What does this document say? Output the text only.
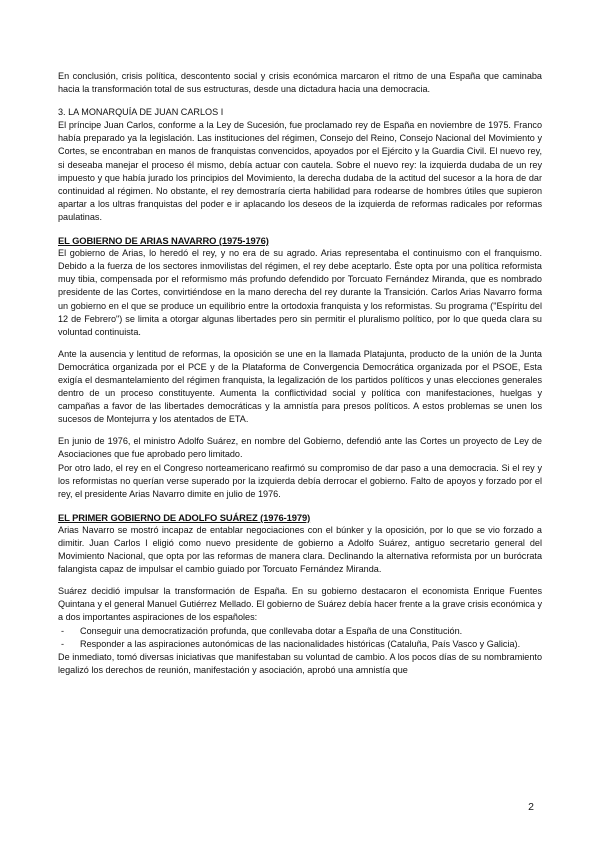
En conclusión, crisis política, descontento social y crisis económica marcaron el ritmo de una España que caminaba hacia la transformación total de sus estructuras, desde una dictadura hacia una democracia.

3. LA MONARQUÍA DE JUAN CARLOS I

El príncipe Juan Carlos, conforme a la Ley de Sucesión, fue proclamado rey de España en noviembre de 1975. Franco había preparado ya la legislación. Las instituciones del régimen, Consejo del Reino, Consejo Nacional del Movimiento y Cortes, se encontraban en manos de franquistas convencidos, apoyados por el Ejército y la Guardia Civil. El nuevo rey, si deseaba manejar el proceso él mismo, debía actuar con cautela. Sobre el nuevo rey: la izquierda dudaba de un rey impuesto y que había jurado los principios del Movimiento, la derecha dudaba de la actitud del sucesor a la hora de dar continuidad al régimen. No obstante, el rey demostraría cierta habilidad para rodearse de hombres útiles que supieron apartar a los ultras franquistas del poder e ir aplacando los deseos de la izquierda de reformas radicales por reformas paulatinas.

EL GOBIERNO DE ARIAS NAVARRO (1975-1976)

El gobierno de Arias, lo heredó el rey, y no era de su agrado. Arias representaba el continuismo con el franquismo. Debido a la fuerza de los sectores inmovilistas del régimen, el rey debe aceptarlo. Éste opta por una política reformista muy tibia, compensada por el reformismo más profundo defendido por Torcuato Fernández Miranda, que es nombrado presidente de las Cortes, convirtiéndose en la mano derecha del rey durante la Transición. Carlos Arias Navarro forma un gobierno en el que se produce un equilibrio entre la ortodoxia franquista y los reformistas. Su programa ("Espíritu del 12 de Febrero") se limita a otorgar algunas libertades pero sin permitir el pluralismo político, por lo que queda clara su voluntad continuista.

Ante la ausencia y lentitud de reformas, la oposición se une en la llamada Platajunta, producto de la unión de la Junta Democrática organizada por el PCE y de la Plataforma de Convergencia Democrática organizada por el PSOE, Esta exigía el desmantelamiento del régimen franquista, la legalización de los partidos políticos y unas elecciones generales dentro de un proceso constituyente. Aumenta la conflictividad social y política con manifestaciones, huelgas y campañas a favor de las libertades democráticas y la amnistía para presos políticos. A estos problemas se unen los sucesos de Montejurra y los atentados de ETA.

En junio de 1976, el ministro Adolfo Suárez, en nombre del Gobierno, defendió ante las Cortes un proyecto de Ley de Asociaciones que fue aprobado pero limitado.

Por otro lado, el rey en el Congreso norteamericano reafirmó su compromiso de dar paso a una democracia. Si el rey y los reformistas no querían verse superado por la izquierda debía derrocar el gobierno. Falto de apoyos y forzado por el rey, el presidente Arias Navarro dimite en julio de 1976.

EL PRIMER GOBIERNO DE ADOLFO SUÁREZ (1976-1979)

Arias Navarro se mostró incapaz de entablar negociaciones con el búnker y la oposición, por lo que se vio forzado a dimitir. Juan Carlos I eligió como nuevo presidente de gobierno a Adolfo Suárez, antiguo secretario general del Movimiento Nacional, que opta por las reformas de manera clara. Declinando la alternativa reformista por un burócrata falangista capaz de impulsar el cambio guiado por Torcuato Fernández Miranda.

Suárez decidió impulsar la transformación de España. En su gobierno destacaron el economista Enrique Fuentes Quintana y el general Manuel Gutiérrez Mellado. El gobierno de Suárez debía hacer frente a la grave crisis económica y a dos importantes aspiraciones de los españoles:

- Conseguir una democratización profunda, que conllevaba dotar a España de una Constitución.
- Responder a las aspiraciones autonómicas de las nacionalidades históricas (Cataluña, País Vasco y Galicia).

De inmediato, tomó diversas iniciativas que manifestaban su voluntad de cambio. A los pocos días de su nombramiento legalizó los derechos de reunión, manifestación y asociación, aprobó una amnistía que

2
